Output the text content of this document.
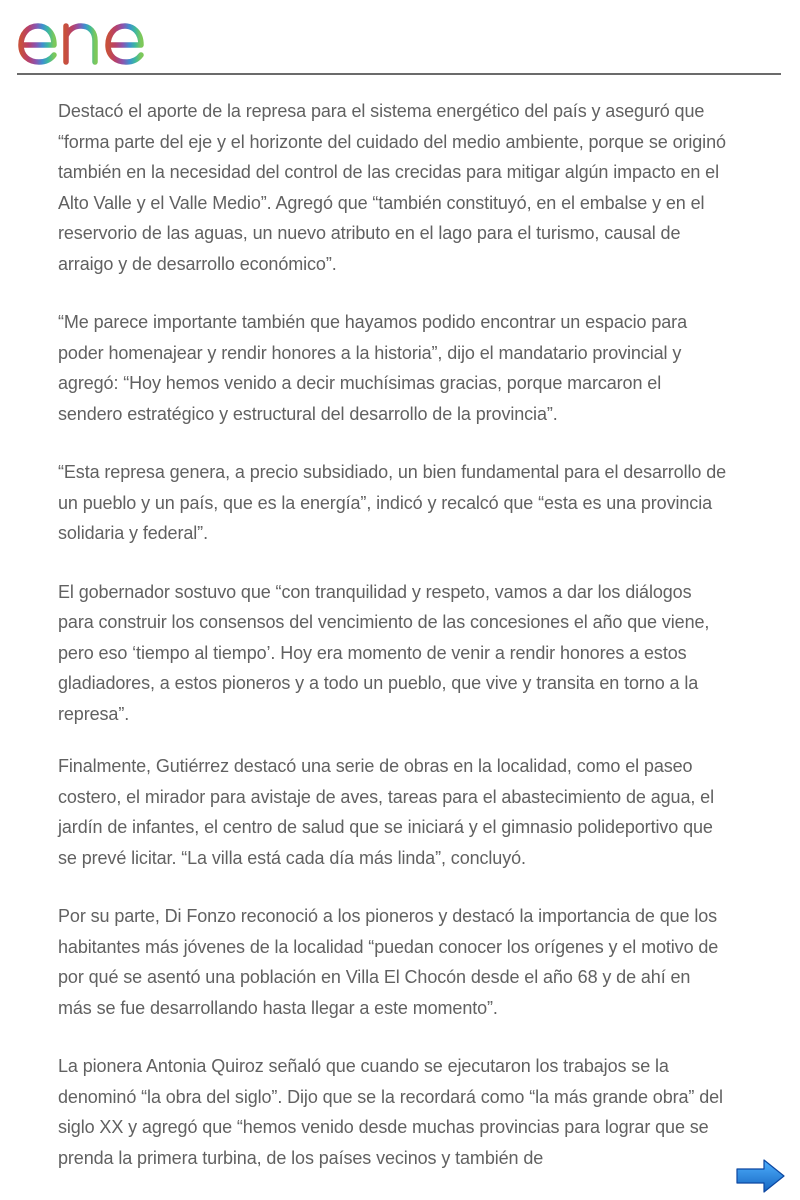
Destacó el aporte de la represa para el sistema energético del país y aseguró que “forma parte del eje y el horizonte del cuidado del medio ambiente, porque se originó también en la necesidad del control de las crecidas para mitigar algún impacto en el Alto Valle y el Valle Medio”. Agregó que “también constituyó, en el embalse y en el reservorio de las aguas, un nuevo atributo en el lago para el turismo, causal de arraigo y de desarrollo económico”.

“Me parece importante también que hayamos podido encontrar un espacio para poder homenajear y rendir honores a la historia”, dijo el mandatario provincial y agregó: “Hoy hemos venido a decir muchísimas gracias, porque marcaron el sendero estratégico y estructural del desarrollo de la provincia”.

“Esta represa genera, a precio subsidiado, un bien fundamental para el desarrollo de un pueblo y un país, que es la energía”, indicó y recalcó que “esta es una provincia solidaria y federal”.

El gobernador sostuvo que “con tranquilidad y respeto, vamos a dar los diálogos para construir los consensos del vencimiento de las concesiones el año que viene, pero eso ‘tiempo al tiempo’. Hoy era momento de venir a rendir honores a estos gladiadores, a estos pioneros y a todo un pueblo, que vive y transita en torno a la represa”.

Finalmente, Gutiérrez destacó una serie de obras en la localidad, como el paseo costero, el mirador para avistaje de aves, tareas para el abastecimiento de agua, el jardín de infantes, el centro de salud que se iniciará y el gimnasio polideportivo que se prevé licitar. “La villa está cada día más linda”, concluyó.

Por su parte, Di Fonzo reconoció a los pioneros y destacó la importancia de que los habitantes más jóvenes de la localidad “puedan conocer los orígenes y el motivo de por qué se asentó una población en Villa El Chocón desde el año 68 y de ahí en más se fue desarrollando hasta llegar a este momento”.

La pionera Antonia Quiroz señaló que cuando se ejecutaron los trabajos se la denominó “la obra del siglo”. Dijo que se la recordará como “la más grande obra” del siglo XX y agregó que “hemos venido desde muchas provincias para lograr que se prenda la primera turbina, de los países vecinos y también de
